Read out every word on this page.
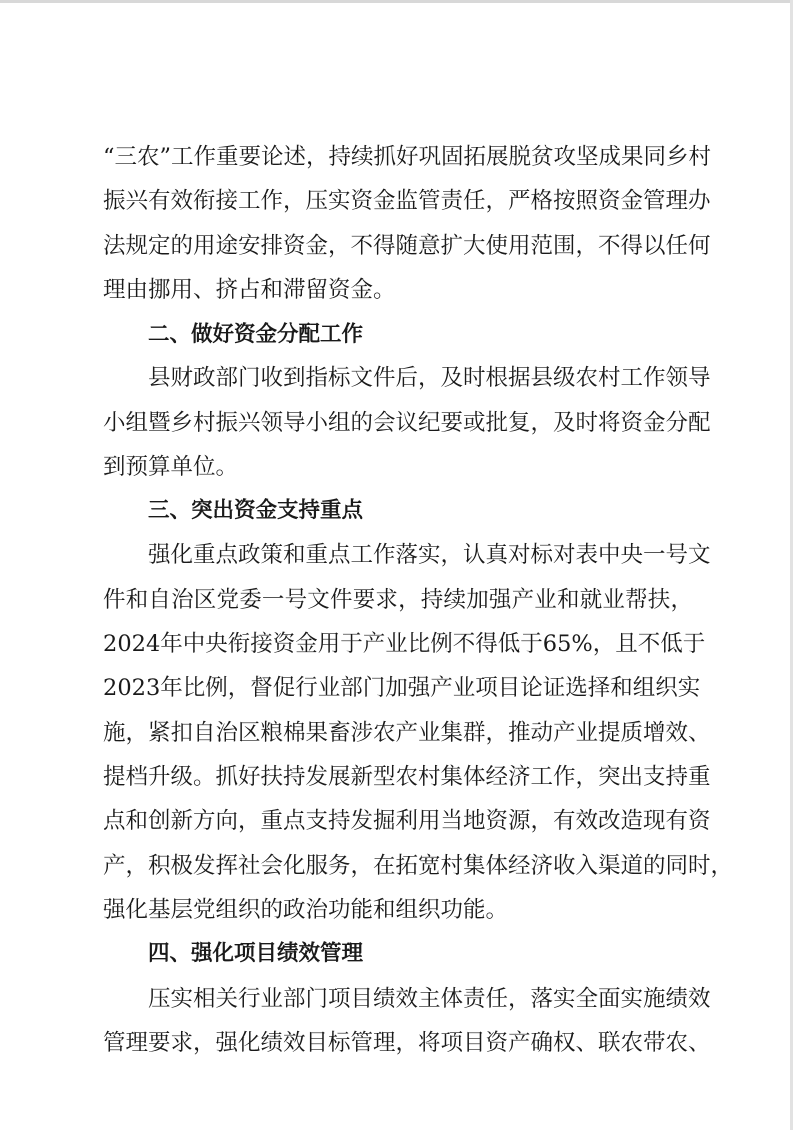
“三农”工作重要论述，持续抓好巩固拓展脱贫攻坚成果同乡村
振兴有效衔接工作，压实资金监管责任，严格按照资金管理办
法规定的用途安排资金，不得随意扩大使用范围，不得以任何
理由挪用、挤占和滞留资金。
二、做好资金分配工作
县财政部门收到指标文件后，及时根据县级农村工作领导
小组暨乡村振兴领导小组的会议纪要或批复，及时将资金分配
到预算单位。
三、突出资金支持重点
强化重点政策和重点工作落实，认真对标对表中央一号文
件和自治区党委一号文件要求，持续加强产业和就业帮扶，
2024年中央衔接资金用于产业比例不得低于65%，且不低于
2023年比例，督促行业部门加强产业项目论证选择和组织实
施，紧扣自治区粮棉果畜涉农产业集群，推动产业提质增效、
提档升级。抓好扶持发展新型农村集体经济工作，突出支持重
点和创新方向，重点支持发掘利用当地资源，有效改造现有资
产，积极发挥社会化服务，在拓宽村集体经济收入渠道的同时，
强化基层党组织的政治功能和组织功能。
四、强化项目绩效管理
压实相关行业部门项目绩效主体责任，落实全面实施绩效
管理要求，强化绩效目标管理，将项目资产确权、联农带农、
